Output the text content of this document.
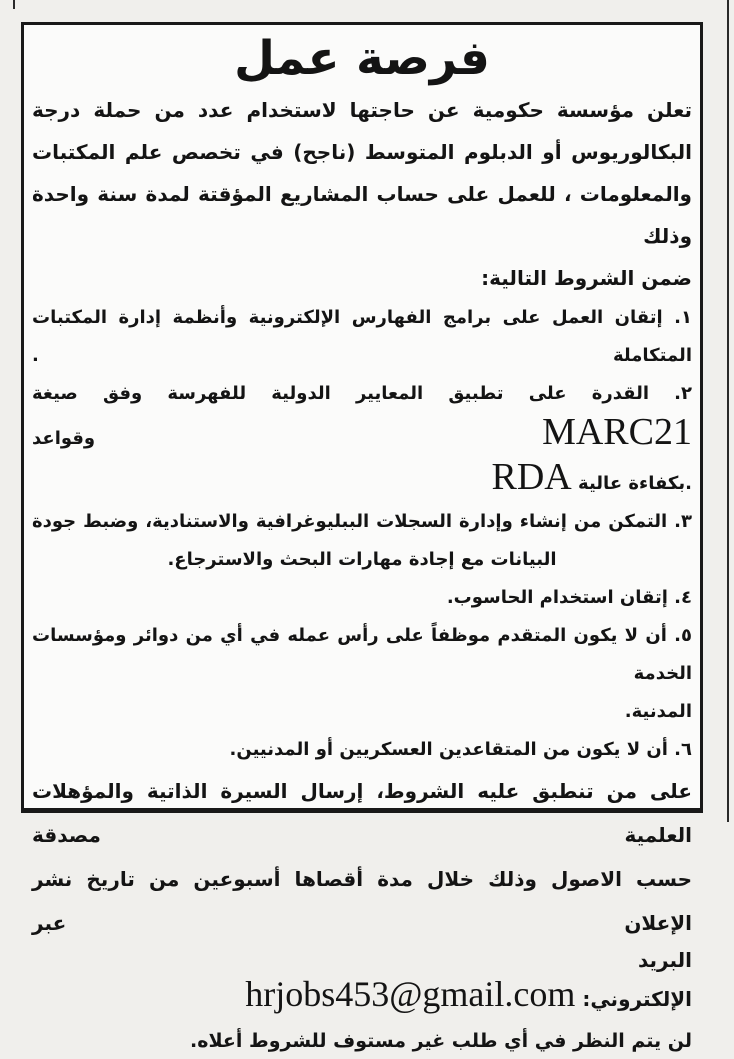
فرصة عمل
تعلن مؤسسة حكومية عن حاجتها لاستخدام عدد من حملة درجة
البكالوريوس أو الدبلوم المتوسط (ناجح) في تخصص علم المكتبات
والمعلومات ، للعمل على حساب المشاريع المؤقتة لمدة سنة واحدة وذلك
ضمن الشروط التالية:
١. إتقان العمل على برامج الفهارس الإلكترونية وأنظمة إدارة المكتبات المتكاملة .
٢. القدرة على تطبيق المعايير الدولية للفهرسة وفق صيغة MARC21 وقواعد
RDA بكفاءة عالية.
٣. التمكن من إنشاء وإدارة السجلات الببليوغرافية والاستنادية، وضبط جودة
البيانات مع إجادة مهارات البحث والاسترجاع.
٤. إتقان استخدام الحاسوب.
٥. أن لا يكون المتقدم موظفاً على رأس عمله في أي من دوائر ومؤسسات الخدمة
المدنية.
٦. أن لا يكون من المتقاعدين العسكريين أو المدنيين.
على من تنطبق عليه الشروط، إرسال السيرة الذاتية والمؤهلات العلمية مصدقة
حسب الاصول وذلك خلال مدة أقصاها أسبوعين من تاريخ نشر الإعلان عبر
البريد
الإلكتروني: hrjobs453@gmail.com
لن يتم النظر في أي طلب غير مستوف للشروط أعلاه.
